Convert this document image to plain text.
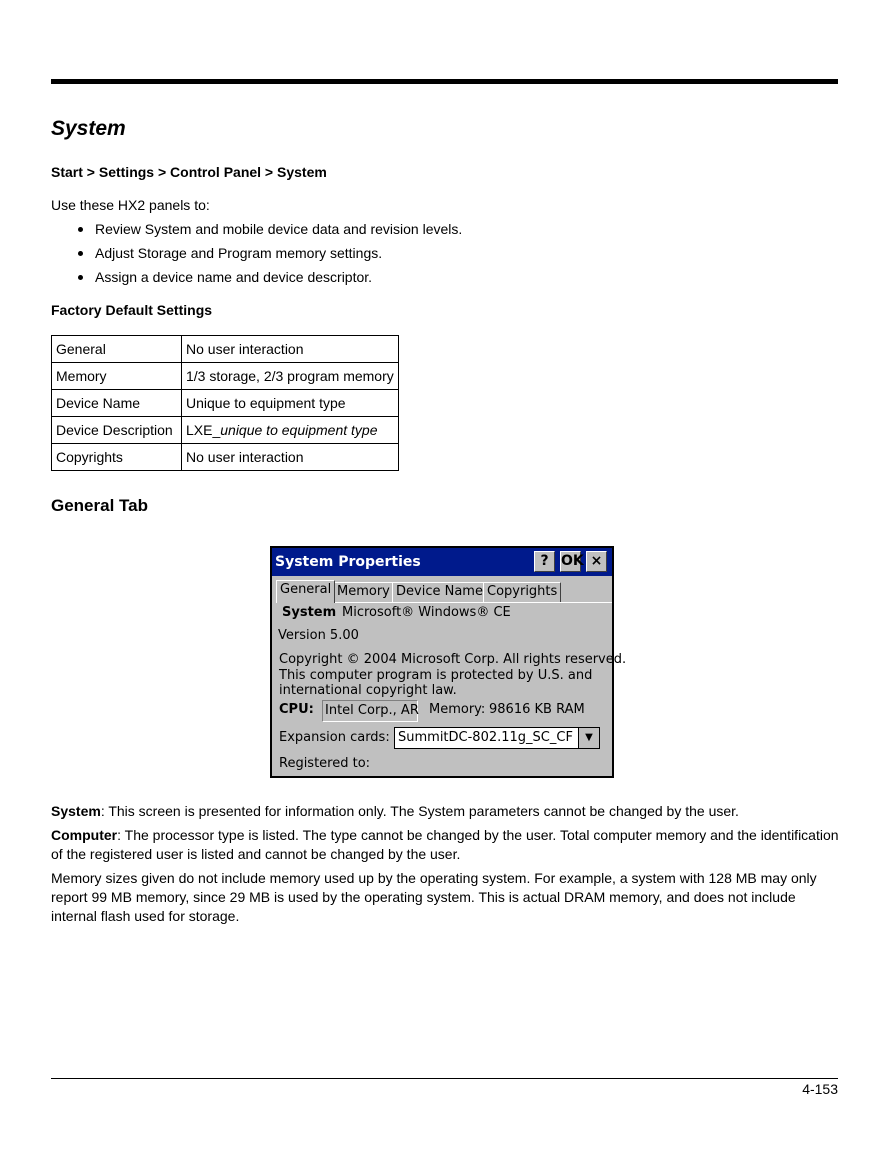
System
Start > Settings > Control Panel > System
Use these HX2 panels to:
Review System and mobile device data and revision levels.
Adjust Storage and Program memory settings.
Assign a device name and device descriptor.
Factory Default Settings
General	No user interaction
Memory	1/3 storage, 2/3 program memory
Device Name	Unique to equipment type
Device Description	LXE_unique to equipment type
Copyrights	No user interaction
General Tab
System Properties	? OK ×
General Memory Device Name Copyrights
System Microsoft® Windows® CE
Version 5.00
Copyright © 2004 Microsoft Corp. All rights reserved.
This computer program is protected by U.S. and
international copyright law.
CPU: Intel Corp., AR Memory: 98616 KB RAM
Expansion cards: SummitDC-802.11g_SC_CF	▼
Registered to:

System: This screen is presented for information only. The System parameters cannot be changed by the user.

Computer: The processor type is listed. The type cannot be changed by the user. Total computer memory and the identification of the registered user is listed and cannot be changed by the user.

Memory sizes given do not include memory used up by the operating system. For example, a system with 128 MB may only report 99 MB memory, since 29 MB is used by the operating system. This is actual DRAM memory, and does not include internal flash used for storage.

4-153
